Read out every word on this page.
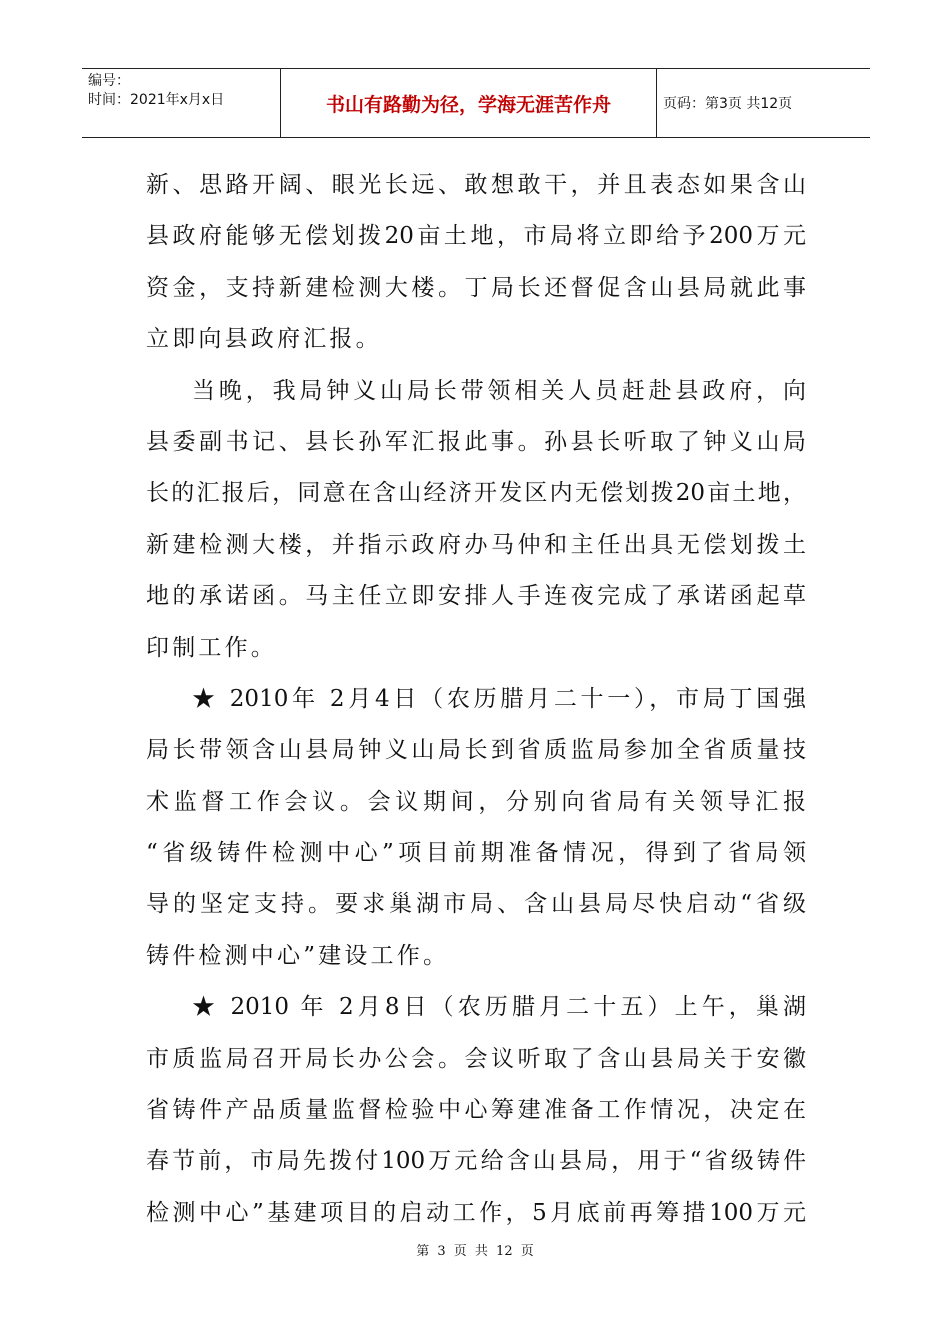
编号：
时间：2021年x月x日	书山有路勤为径，学海无涯苦作舟	页码：第3页 共12页
新、思路开阔、眼光长远、敢想敢干，并且表态如果含山
县政府能够无偿划拨20亩土地，市局将立即给予200万元
资金，支持新建检测大楼。丁局长还督促含山县局就此事
立即向县政府汇报。
当晚，我局钟义山局长带领相关人员赶赴县政府，向
县委副书记、县长孙军汇报此事。孙县长听取了钟义山局
长的汇报后，同意在含山经济开发区内无偿划拨20亩土地，
新建检测大楼，并指示政府办马仲和主任出具无偿划拨土
地的承诺函。马主任立即安排人手连夜完成了承诺函起草
印制工作。
★ 2010年 2月4日（农历腊月二十一），市局丁国强
局长带领含山县局钟义山局长到省质监局参加全省质量技
术监督工作会议。会议期间，分别向省局有关领导汇报
“省级铸件检测中心”项目前期准备情况，得到了省局领
导的坚定支持。要求巢湖市局、含山县局尽快启动“省级
铸件检测中心”建设工作。
★ 2010 年 2月8日（农历腊月二十五）上午，巢湖
市质监局召开局长办公会。会议听取了含山县局关于安徽
省铸件产品质量监督检验中心筹建准备工作情况，决定在
春节前，市局先拨付100万元给含山县局，用于“省级铸件
检测中心”基建项目的启动工作，5月底前再筹措100万元
第 3 页 共 12 页
